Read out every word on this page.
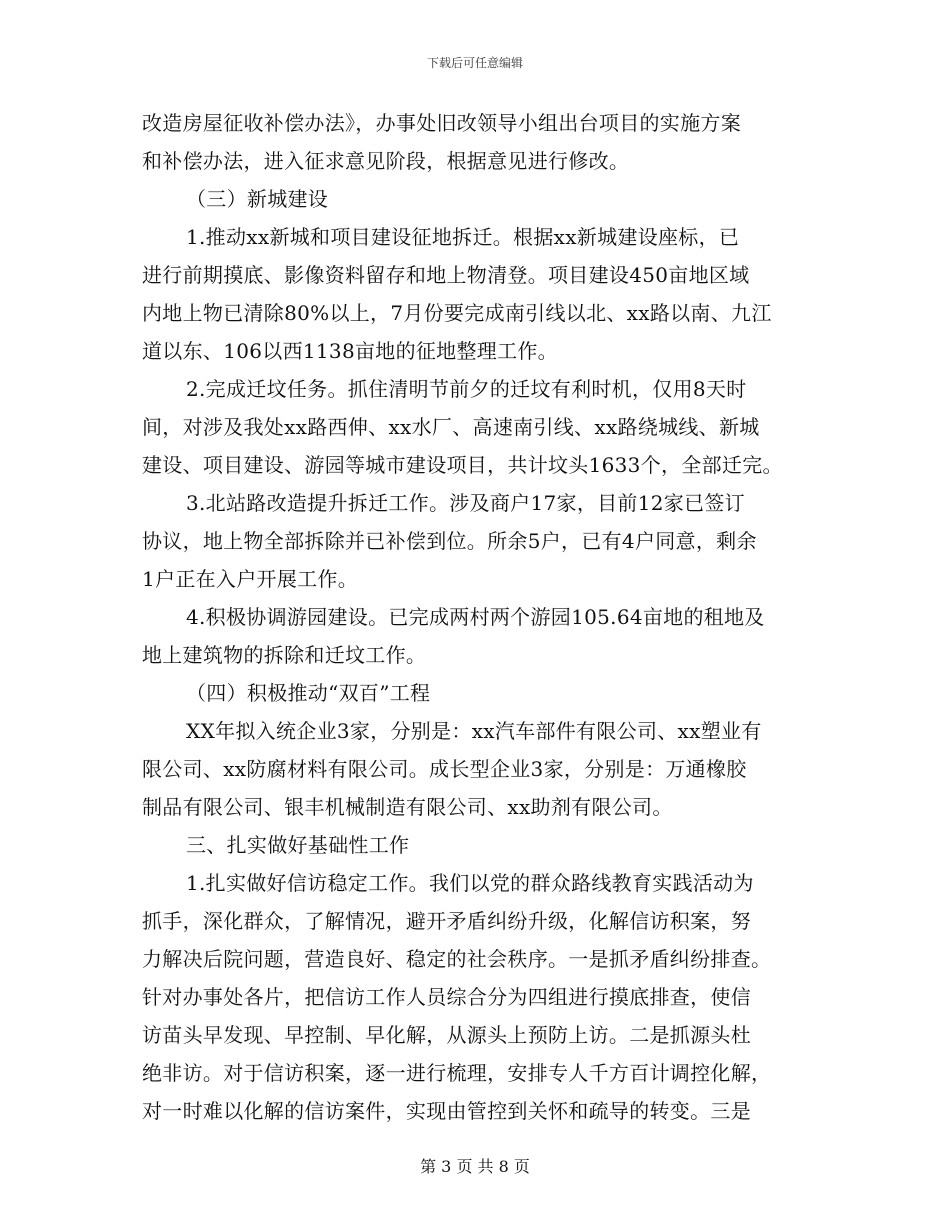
下载后可任意编辑
改造房屋征收补偿办法》，办事处旧改领导小组出台项目的实施方案
和补偿办法，进入征求意见阶段，根据意见进行修改。
（三）新城建设
1.推动xx新城和项目建设征地拆迁。根据xx新城建设座标，已
进行前期摸底、影像资料留存和地上物清登。项目建设450亩地区域
内地上物已清除80%以上，7月份要完成南引线以北、xx路以南、九江
道以东、106以西1138亩地的征地整理工作。
2.完成迁坟任务。抓住清明节前夕的迁坟有利时机，仅用8天时
间，对涉及我处xx路西伸、xx水厂、高速南引线、xx路绕城线、新城
建设、项目建设、游园等城市建设项目，共计坟头1633个，全部迁完。
3.北站路改造提升拆迁工作。涉及商户17家，目前12家已签订
协议，地上物全部拆除并已补偿到位。所余5户，已有4户同意，剩余
1户正在入户开展工作。
4.积极协调游园建设。已完成两村两个游园105.64亩地的租地及
地上建筑物的拆除和迁坟工作。
（四）积极推动“双百”工程
XX年拟入统企业3家，分别是：xx汽车部件有限公司、xx塑业有
限公司、xx防腐材料有限公司。成长型企业3家，分别是：万通橡胶
制品有限公司、银丰机械制造有限公司、xx助剂有限公司。
三、扎实做好基础性工作
1.扎实做好信访稳定工作。我们以党的群众路线教育实践活动为
抓手，深化群众，了解情况，避开矛盾纠纷升级，化解信访积案，努
力解决后院问题，营造良好、稳定的社会秩序。一是抓矛盾纠纷排查。
针对办事处各片，把信访工作人员综合分为四组进行摸底排查，使信
访苗头早发现、早控制、早化解，从源头上预防上访。二是抓源头杜
绝非访。对于信访积案，逐一进行梳理，安排专人千方百计调控化解，
对一时难以化解的信访案件，实现由管控到关怀和疏导的转变。三是
第 3 页 共 8 页
